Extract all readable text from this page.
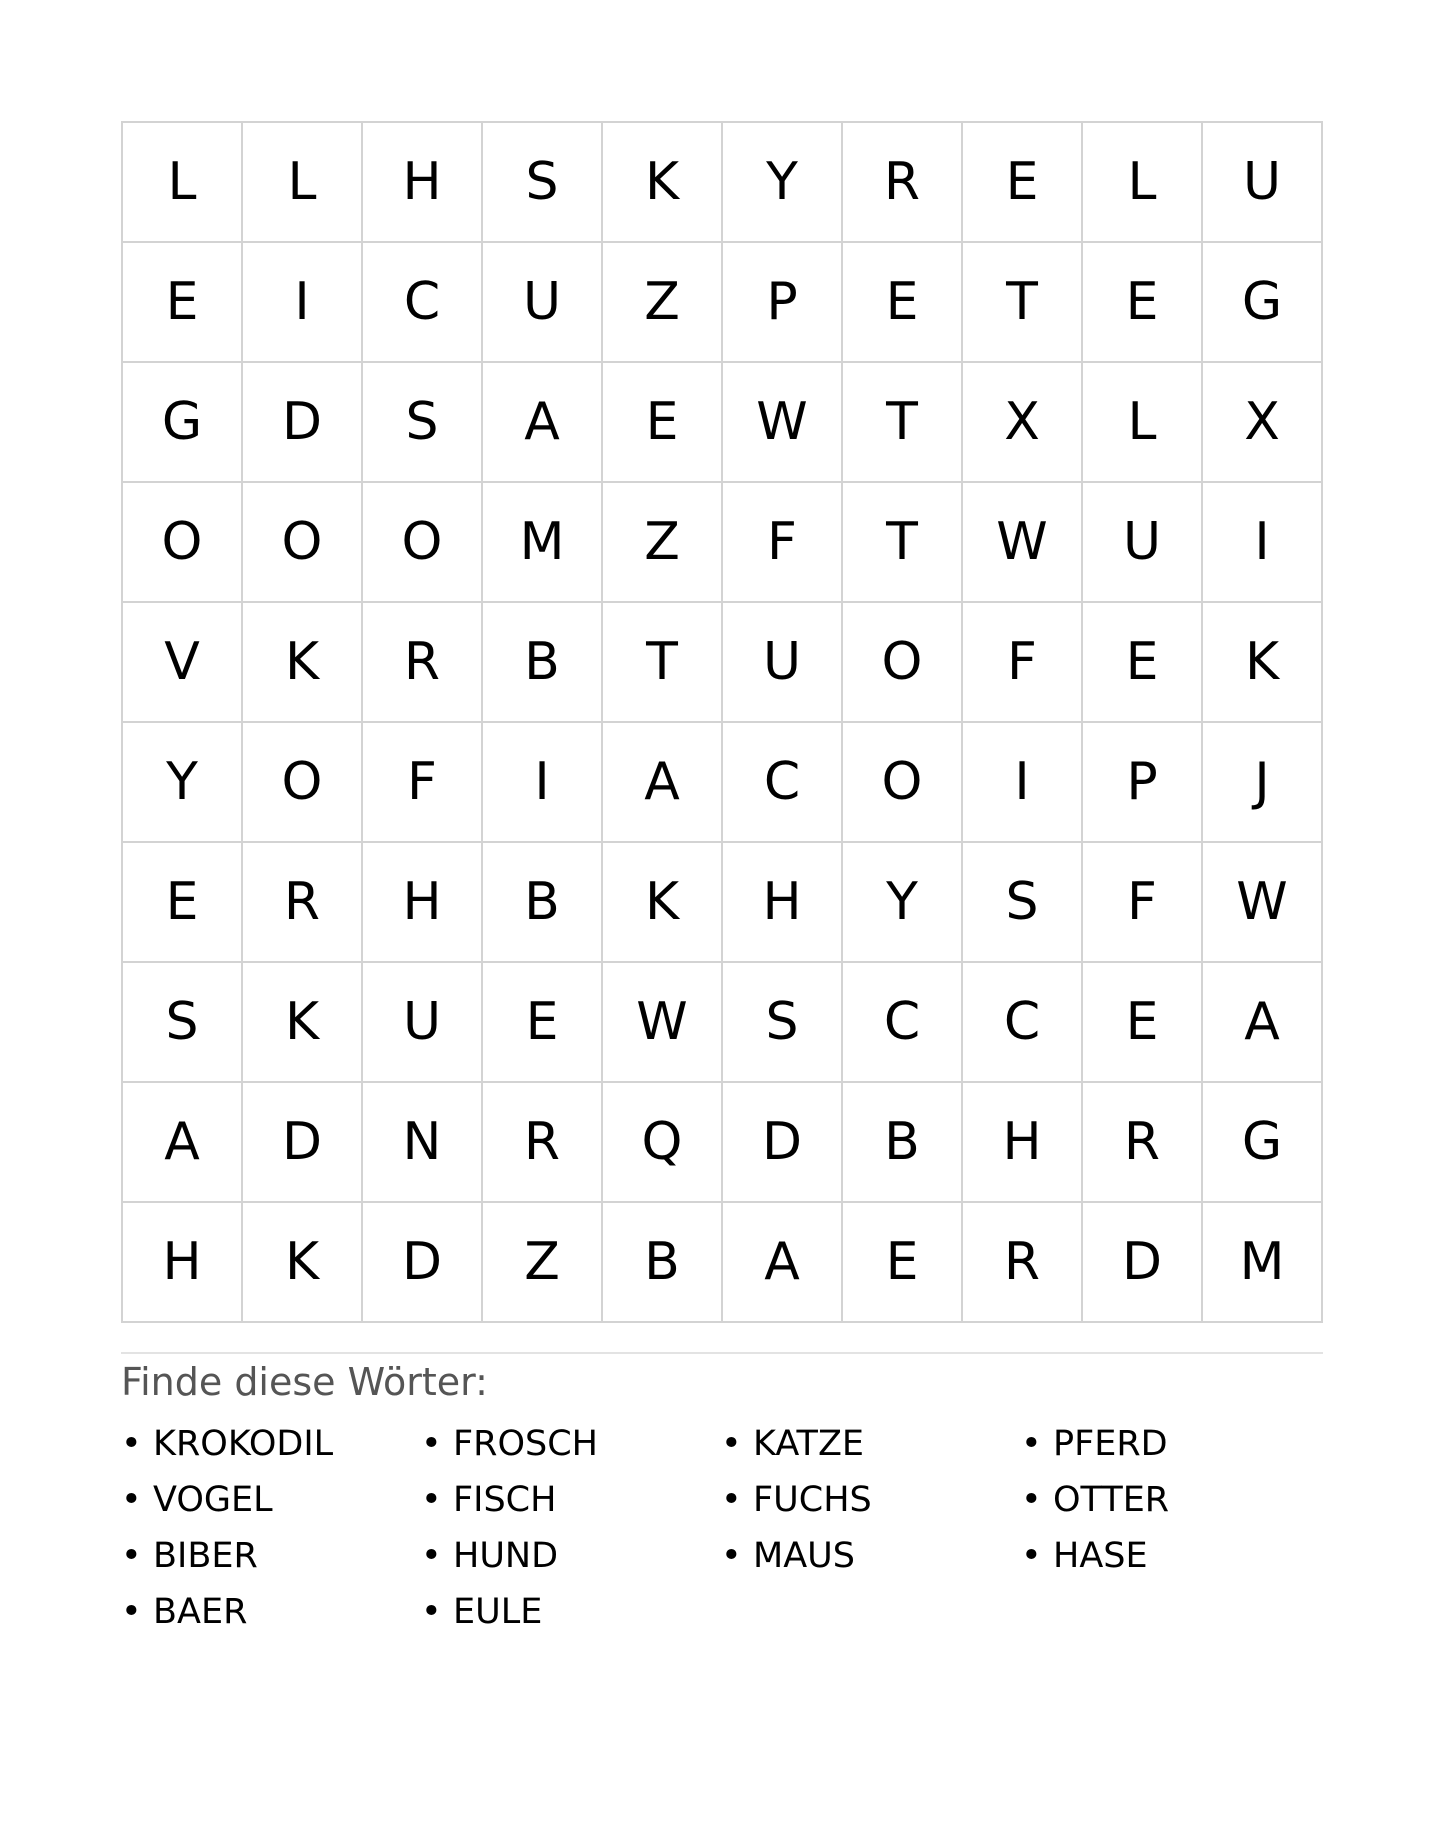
L	L	H	S	K	Y	R	E	L	U
E	I	C	U	Z	P	E	T	E	G
G	D	S	A	E	W	T	X	L	X
O	O	O	M	Z	F	T	W	U	I
V	K	R	B	T	U	O	F	E	K
Y	O	F	I	A	C	O	I	P	J
E	R	H	B	K	H	Y	S	F	W
S	K	U	E	W	S	C	C	E	A
A	D	N	R	Q	D	B	H	R	G
H	K	D	Z	B	A	E	R	D	M
Finde diese Wörter:
• KROKODIL	• FROSCH	• KATZE	• PFERD
• VOGEL	• FISCH	• FUCHS	• OTTER
• BIBER	• HUND	• MAUS	• HASE
• BAER	• EULE
